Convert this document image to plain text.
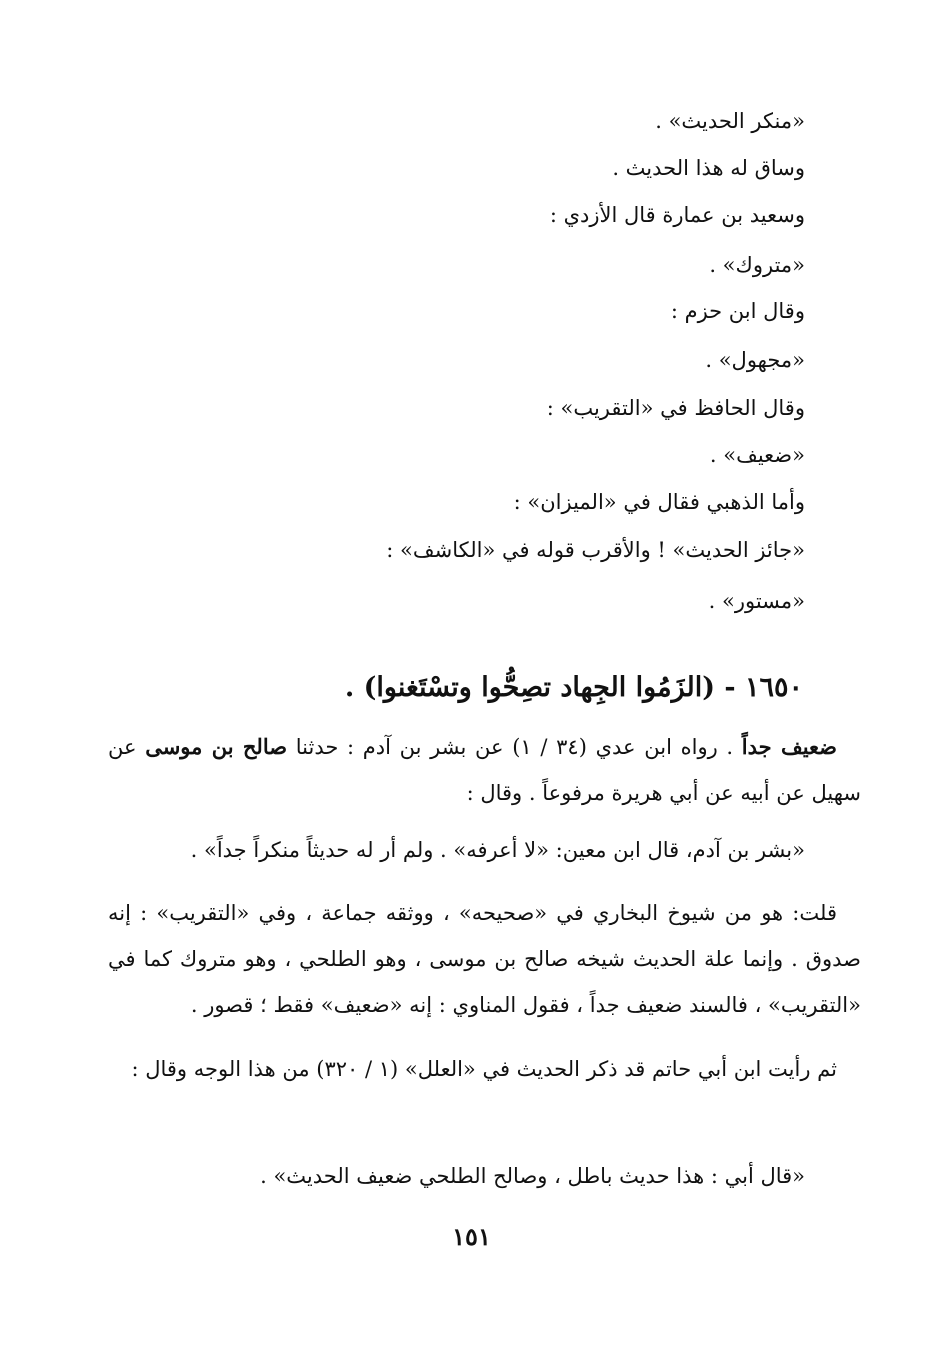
«منكر الحديث» .
وساق له هذا الحديث .
وسعيد بن عمارة قال الأزدي :
«متروك» .
وقال ابن حزم :
«مجهول» .
وقال الحافظ في «التقريب» :
«ضعيف» .
وأما الذهبي فقال في «الميزان» :
«جائز الحديث» ! والأقرب قوله في «الكاشف» :
«مستور» .
١٦٥٠ - (الزَمُوا الجِهاد تصِحُّوا وتسْتَغنوا) .
ضعيف جداً . رواه ابن عدي (٣٤ / ١) عن بشر بن آدم : حدثنا صالح بن موسى عن سهيل عن أبيه عن أبي هريرة مرفوعاً . وقال :
«بشر بن آدم، قال ابن معين: «لا أعرفه» . ولم أر له حديثاً منكراً جداً» .
قلت: هو من شيوخ البخاري في «صحيحه» ، ووثقه جماعة ، وفي «التقريب» : إنه صدوق . وإنما علة الحديث شيخه صالح بن موسى ، وهو الطلحي ، وهو متروك كما في «التقريب» ، فالسند ضعيف جداً ، فقول المناوي : إنه «ضعيف» فقط ؛ قصور .
ثم رأيت ابن أبي حاتم قد ذكر الحديث في «العلل» (١ / ٣٢٠) من هذا الوجه وقال :
«قال أبي : هذا حديث باطل ، وصالح الطلحي ضعيف الحديث» .
١٥١
